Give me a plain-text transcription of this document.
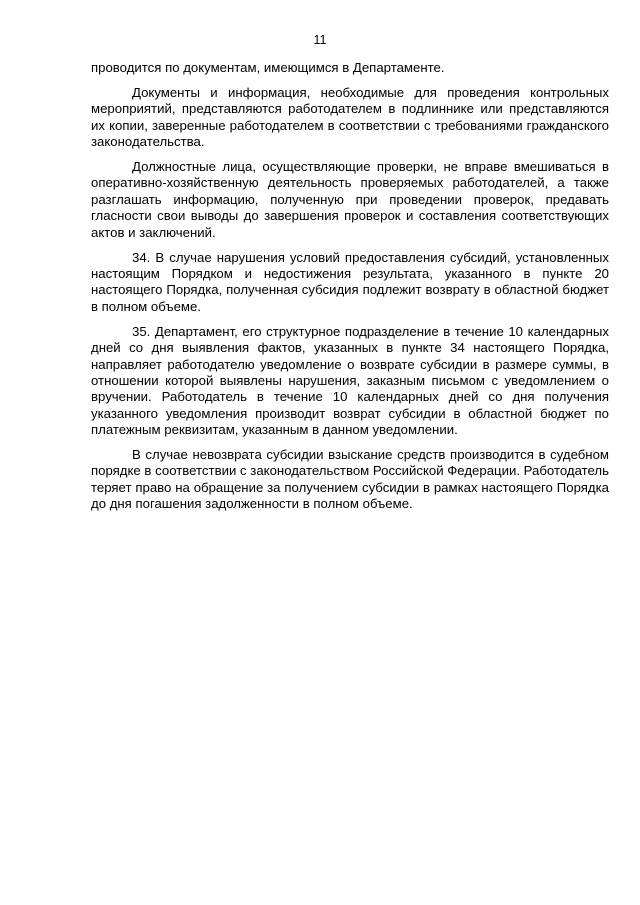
11

проводится по документам, имеющимся в Департаменте.

Документы и информация, необходимые для проведения контрольных мероприятий, представляются работодателем в подлиннике или представляются их копии, заверенные работодателем в соответствии с требованиями гражданского законодательства.

Должностные лица, осуществляющие проверки, не вправе вмешиваться в оперативно-хозяйственную деятельность проверяемых работодателей, а также разглашать информацию, полученную при проведении проверок, предавать гласности свои выводы до завершения проверок и составления соответствующих актов и заключений.

34. В случае нарушения условий предоставления субсидий, установленных настоящим Порядком и недостижения результата, указанного в пункте 20 настоящего Порядка, полученная субсидия подлежит возврату в областной бюджет в полном объеме.

35. Департамент, его структурное подразделение в течение 10 календарных дней со дня выявления фактов, указанных в пункте 34 настоящего Порядка, направляет работодателю уведомление о возврате субсидии в размере суммы, в отношении которой выявлены нарушения, заказным письмом с уведомлением о вручении. Работодатель в течение 10 календарных дней со дня получения указанного уведомления производит возврат субсидии в областной бюджет по платежным реквизитам, указанным в данном уведомлении.

В случае невозврата субсидии взыскание средств производится в судебном порядке в соответствии с законодательством Российской Федерации. Работодатель теряет право на обращение за получением субсидии в рамках настоящего Порядка до дня погашения задолженности в полном объеме.
